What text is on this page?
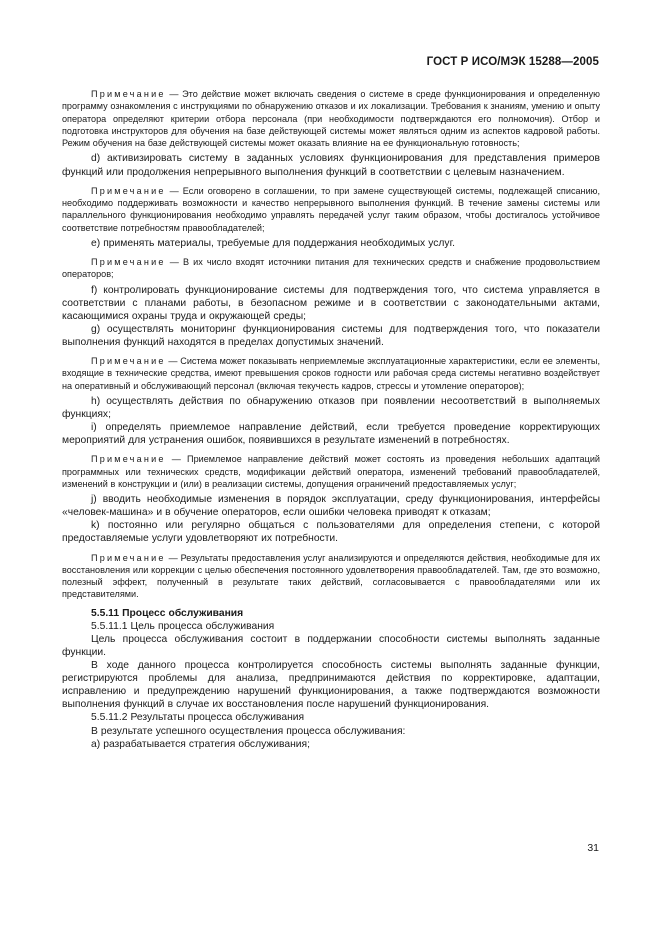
ГОСТ Р ИСО/МЭК 15288—2005

Примечание — Это действие может включать сведения о системе в среде функционирования и определенную программу ознакомления с инструкциями по обнаружению отказов и их локализации. Требования к знаниям, умению и опыту оператора определяют критерии отбора персонала (при необходимости подтверждаются его полномочия). Отбор и подготовка инструкторов для обучения на базе действующей системы может являться одним из аспектов кадровой работы. Режим обучения на базе действующей системы может оказать влияние на ее функциональную готовность;

d) активизировать систему в заданных условиях функционирования для представления примеров функций или продолжения непрерывного выполнения функций в соответствии с целевым назначением.

Примечание — Если оговорено в соглашении, то при замене существующей системы, подлежащей списанию, необходимо поддерживать возможности и качество непрерывного выполнения функций. В течение замены системы или параллельного функционирования необходимо управлять передачей услуг таким образом, чтобы достигалось устойчивое соответствие потребностям правообладателей;

e) применять материалы, требуемые для поддержания необходимых услуг.

Примечание — В их число входят источники питания для технических средств и снабжение продовольствием операторов;

f) контролировать функционирование системы для подтверждения того, что система управляется в соответствии с планами работы, в безопасном режиме и в соответствии с законодательными актами, касающимися охраны труда и окружающей среды;

g) осуществлять мониторинг функционирования системы для подтверждения того, что показатели выполнения функций находятся в пределах допустимых значений.

Примечание — Система может показывать неприемлемые эксплуатационные характеристики, если ее элементы, входящие в технические средства, имеют превышения сроков годности или рабочая среда системы негативно воздействует на оперативный и обслуживающий персонал (включая текучесть кадров, стрессы и утомление операторов);

h) осуществлять действия по обнаружению отказов при появлении несоответствий в выполняемых функциях;

i) определять приемлемое направление действий, если требуется проведение корректирующих мероприятий для устранения ошибок, появившихся в результате изменений в потребностях.

Примечание — Приемлемое направление действий может состоять из проведения небольших адаптаций программных или технических средств, модификации действий оператора, изменений требований правообладателей, изменений в конструкции и (или) в реализации системы, допущения ограничений предоставляемых услуг;

j) вводить необходимые изменения в порядок эксплуатации, среду функционирования, интерфейсы «человек-машина» и в обучение операторов, если ошибки человека приводят к отказам;

k) постоянно или регулярно общаться с пользователями для определения степени, с которой предоставляемые услуги удовлетворяют их потребности.

Примечание — Результаты предоставления услуг анализируются и определяются действия, необходимые для их восстановления или коррекции с целью обеспечения постоянного удовлетворения правообладателей. Там, где это возможно, полезный эффект, полученный в результате таких действий, согласовывается с правообладателями или их представителями.

5.5.11 Процесс обслуживания

5.5.11.1 Цель процесса обслуживания

Цель процесса обслуживания состоит в поддержании способности системы выполнять заданные функции.

В ходе данного процесса контролируется способность системы выполнять заданные функции, регистрируются проблемы для анализа, предпринимаются действия по корректировке, адаптации, исправлению и предупреждению нарушений функционирования, а также подтверждаются возможности выполнения функций в случае их восстановления после нарушений функционирования.

5.5.11.2 Результаты процесса обслуживания

В результате успешного осуществления процесса обслуживания:

a) разрабатывается стратегия обслуживания;

31
